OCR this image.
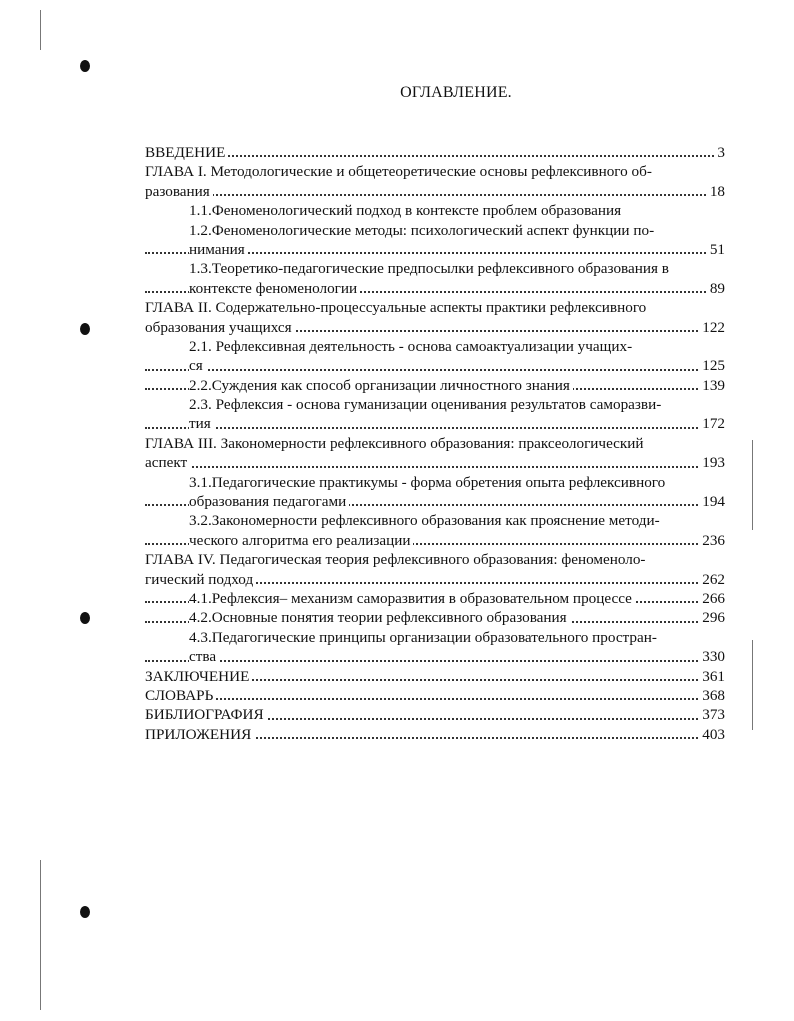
ОГЛАВЛЕНИЕ.
ВВЕДЕНИЕ	3
ГЛАВА I. Методологические и общетеоретические основы рефлексивного об-
разования	18
1.1.Феноменологический подход в контексте проблем образования
1.2.Феноменологические методы: психологический аспект функции по-
нимания	51
1.3.Теоретико-педагогические предпосылки рефлексивного образования в
контексте феноменологии	89
ГЛАВА II. Содержательно-процессуальные аспекты практики рефлексивного
образования учащихся	122
2.1. Рефлексивная деятельность - основа самоактуализации учащих-
ся	125
2.2.Суждения как способ организации личностного знания	139
2.3. Рефлексия - основа гуманизации оценивания результатов саморазви-
тия	172
ГЛАВА III. Закономерности рефлексивного образования: праксеологический
аспект	193
3.1.Педагогические практикумы - форма обретения опыта рефлексивного
образования педагогами	194
3.2.Закономерности рефлексивного образования как прояснение методи-
ческого алгоритма его реализации	236
ГЛАВА IV. Педагогическая теория рефлексивного образования: феноменоло-
гический подход	262
4.1.Рефлексия– механизм саморазвития в образовательном процессе	266
4.2.Основные понятия теории рефлексивного образования	296
4.3.Педагогические принципы организации образовательного простран-
ства	330
ЗАКЛЮЧЕНИЕ	361
СЛОВАРЬ	368
БИБЛИОГРАФИЯ	373
ПРИЛОЖЕНИЯ	403
